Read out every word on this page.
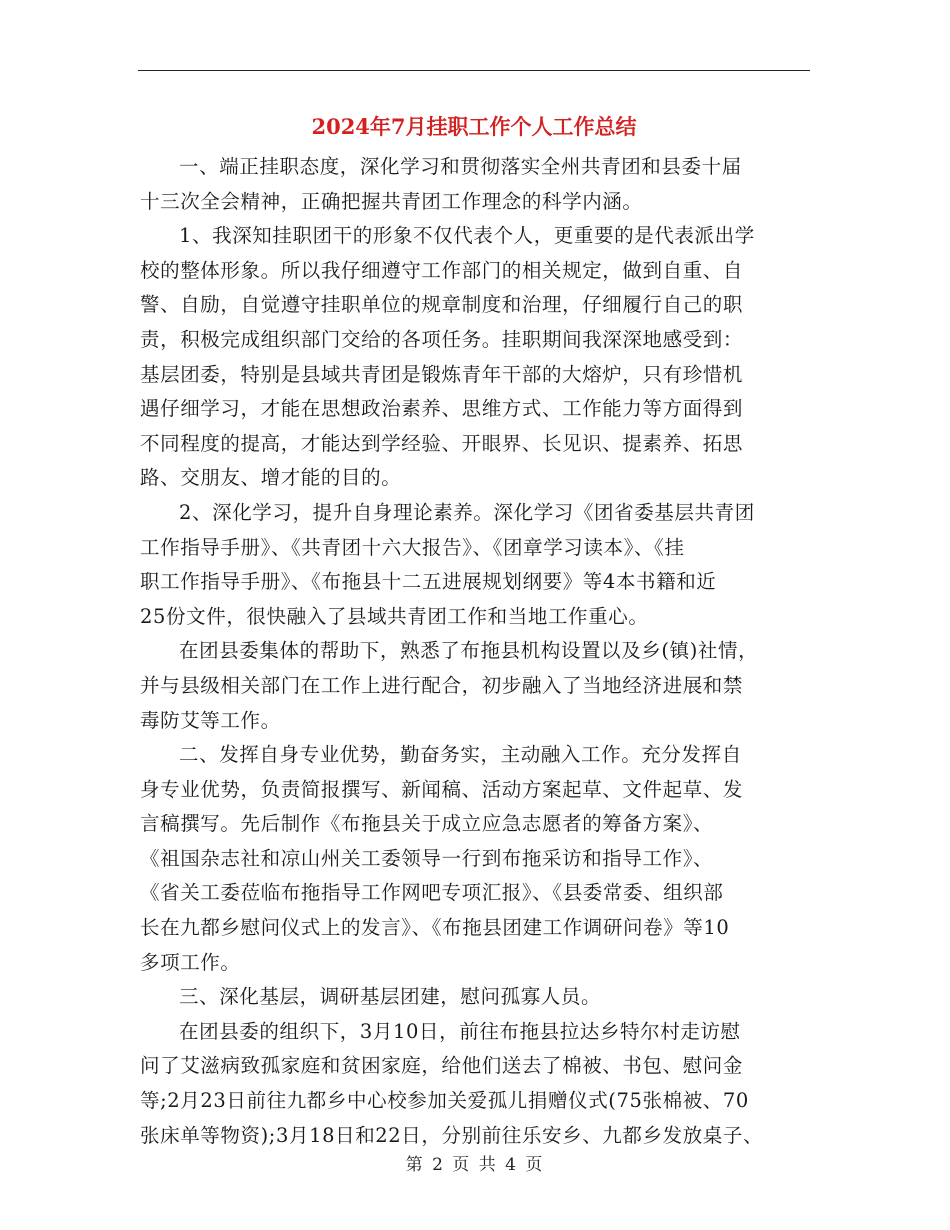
2024年7月挂职工作个人工作总结

一、端正挂职态度，深化学习和贯彻落实全州共青团和县委十届
十三次全会精神，正确把握共青团工作理念的科学内涵。

1、我深知挂职团干的形象不仅代表个人，更重要的是代表派出学
校的整体形象。所以我仔细遵守工作部门的相关规定，做到自重、自
警、自励，自觉遵守挂职单位的规章制度和治理，仔细履行自己的职
责，积极完成组织部门交给的各项任务。挂职期间我深深地感受到：
基层团委，特别是县域共青团是锻炼青年干部的大熔炉，只有珍惜机
遇仔细学习，才能在思想政治素养、思维方式、工作能力等方面得到
不同程度的提高，才能达到学经验、开眼界、长见识、提素养、拓思
路、交朋友、增才能的目的。

2、深化学习，提升自身理论素养。深化学习《团省委基层共青团
工作指导手册》、《共青团十六大报告》、《团章学习读本》、《挂
职工作指导手册》、《布拖县十二五进展规划纲要》等4本书籍和近
25份文件，很快融入了县域共青团工作和当地工作重心。

在团县委集体的帮助下，熟悉了布拖县机构设置以及乡(镇)社情，
并与县级相关部门在工作上进行配合，初步融入了当地经济进展和禁
毒防艾等工作。

二、发挥自身专业优势，勤奋务实，主动融入工作。充分发挥自
身专业优势，负责简报撰写、新闻稿、活动方案起草、文件起草、发
言稿撰写。先后制作《布拖县关于成立应急志愿者的筹备方案》、
《祖国杂志社和凉山州关工委领导一行到布拖采访和指导工作》、
《省关工委莅临布拖指导工作网吧专项汇报》、《县委常委、组织部
长在九都乡慰问仪式上的发言》、《布拖县团建工作调研问卷》等10
多项工作。

三、深化基层，调研基层团建，慰问孤寡人员。

在团县委的组织下，3月10日，前往布拖县拉达乡特尔村走访慰
问了艾滋病致孤家庭和贫困家庭，给他们送去了棉被、书包、慰问金
等;2月23日前往九都乡中心校参加关爱孤儿捐赠仪式(75张棉被、70
张床单等物资);3月18日和22日，分别前往乐安乡、九都乡发放桌子、

第 2 页 共 4 页
